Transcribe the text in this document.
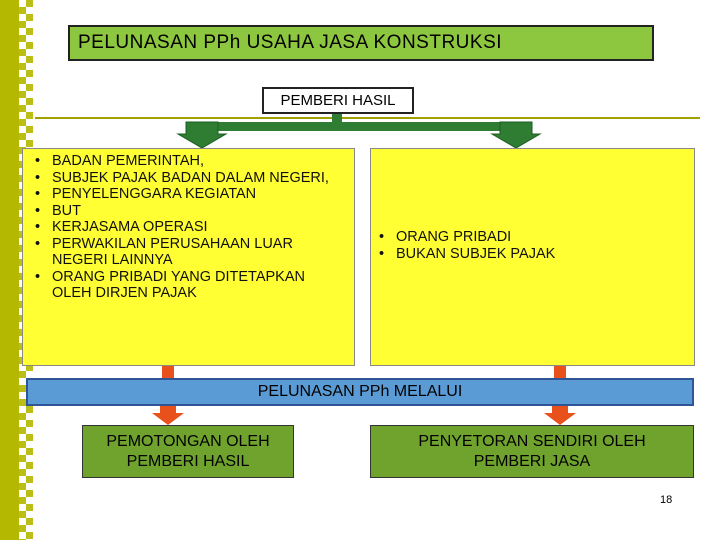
PELUNASAN PPh USAHA JASA KONSTRUKSI
PEMBERI HASIL
• BADAN PEMERINTAH,
• SUBJEK PAJAK BADAN DALAM NEGERI,
• PENYELENGGARA KEGIATAN
• BUT
• KERJASAMA OPERASI
• PERWAKILAN PERUSAHAAN LUAR NEGERI LAINNYA
• ORANG PRIBADI YANG DITETAPKAN OLEH DIRJEN PAJAK
• ORANG PRIBADI
• BUKAN SUBJEK PAJAK
PELUNASAN PPh MELALUI
PEMOTONGAN OLEH
PEMBERI HASIL
PENYETORAN SENDIRI OLEH
PEMBERI JASA
18
